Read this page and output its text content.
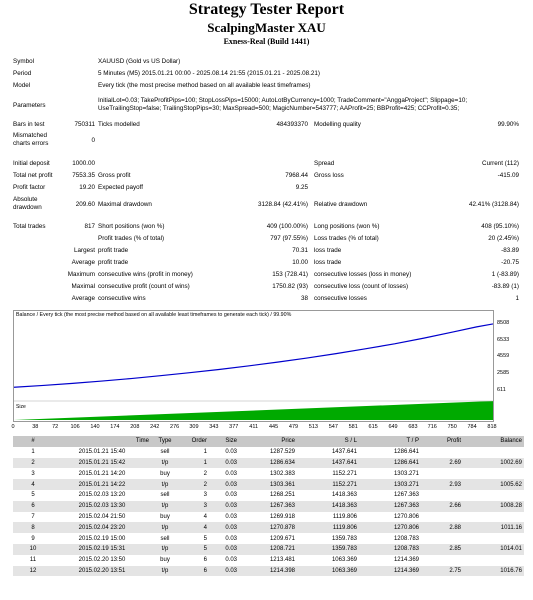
Strategy Tester Report
ScalpingMaster XAU
Exness-Real (Build 1441)
Symbol	XAUUSD (Gold vs US Dollar)
Period	5 Minutes (M5) 2015.01.21 00:00 - 2025.08.14 21:55 (2015.01.21 - 2025.08.21)
Model	Every tick (the most precise method based on all available least timeframes)
Parameters
InitialLot=0.03; TakeProfitPips=100; StopLossPips=15000; AutoLotByCurrency=1000; TradeComment="AnggaProject"; Slippage=10;
UseTrailingStop=false; TrailingStopPips=30; MaxSpread=500; MagicNumber=543777; AAProfit=25; BBProfit=425; CCProfit=0.35;
Bars in test	750311 Ticks modelled	484393370 Modelling quality	99.90%
Mismatched
charts errors	0
Initial deposit	1000.00	Spread	Current (112)
Total net profit	7553.35 Gross profit	7968.44 Gross loss	-415.09
Profit factor	19.20 Expected payoff	9.25
Absolute
drawdown	209.60 Maximal drawdown	3128.84 (42.41%) Relative drawdown	42.41% (3128.84)
Total trades	817 Short positions (won %)	409 (100.00%) Long positions (won %)	408 (95.10%)
Profit trades (% of total)	797 (97.55%) Loss trades (% of total)	20 (2.45%)
Largest profit trade	70.31 loss trade	-83.89
Average profit trade	10.00 loss trade	-20.75
Maximum consecutive wins (profit in money)	153 (728.41) consecutive losses (loss in money)	1 (-83.89)
Maximal consecutive profit (count of wins)	1750.82 (93) consecutive loss (count of losses)	-83.89 (1)
Average consecutive wins	38 consecutive losses	1
Balance / Every tick (the most precise method based on all available least timeframes to generate each tick) / 99.90%
Size
611
2585
4559
6533
8508
0	38	72 106 140 174 208 242 276 309 343 377 411 445 479 513 547 581 615 649 683 716 750 784 818
#	Time	Type	Order	Size	Price	S / L	T / P	Profit	Balance
1	2015.01.21 15:40	sell	1	0.03	1287.529	1437.641	1286.641		
2	2015.01.21 15:42	t/p	1	0.03	1286.634	1437.641	1286.641	2.69	1002.69
3	2015.01.21 14:20	buy	2	0.03	1302.383	1152.271	1303.271		
4	2015.01.21 14:22	t/p	2	0.03	1303.361	1152.271	1303.271	2.93	1005.62
5	2015.02.03 13:20	sell	3	0.03	1268.251	1418.363	1267.363		
6	2015.02.03 13:30	t/p	3	0.03	1267.363	1418.363	1267.363	2.66	1008.28
7	2015.02.04 21:50	buy	4	0.03	1269.918	1119.806	1270.806		
8	2015.02.04 23:20	t/p	4	0.03	1270.878	1119.806	1270.806	2.88	1011.16
9	2015.02.19 15:00	sell	5	0.03	1209.671	1359.783	1208.783		
10	2015.02.19 15:31	t/p	5	0.03	1208.721	1359.783	1208.783	2.85	1014.01
11	2015.02.20 13:50	buy	6	0.03	1213.481	1063.369	1214.369		
12	2015.02.20 13:51	t/p	6	0.03	1214.398	1063.369	1214.369	2.75	1016.76
